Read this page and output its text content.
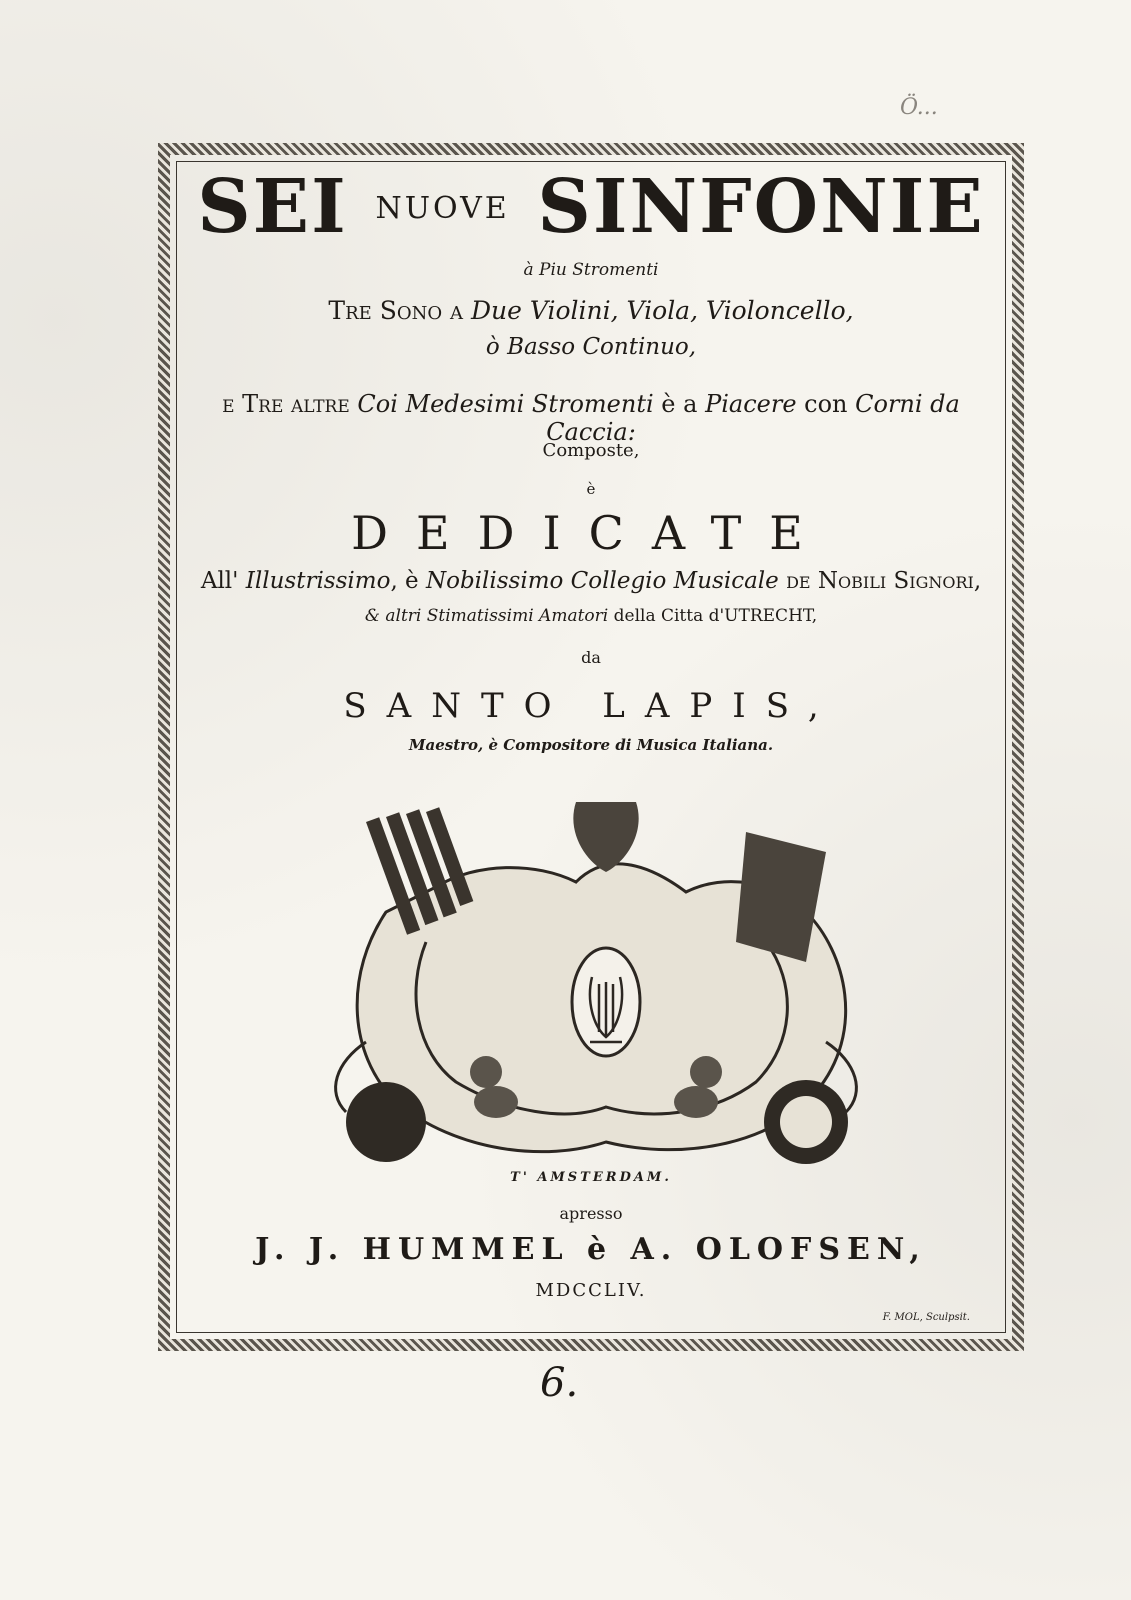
Ö...
SEI NUOVE SINFONIE
à Piu Stromenti
Tre Sono a Due Violini, Viola, Violoncello,
ò Basso Continuo,
e Tre altre Coi Medesimi Stromenti è a Piacere con Corni da Caccia:
Composte,
è
DEDICATE
All' Illustrissimo, è Nobilissimo Collegio Musicale de Nobili Signori,
& altri Stimatissimi Amatori della Citta d'UTRECHT,
da
SANTO LAPIS,
Maestro, è Compositore di Musica Italiana.
T' AMSTERDAM.
apresso
J. J. HUMMEL è A. OLOFSEN,
MDCCLIV.
F. MOL, Sculpsit.
6.
